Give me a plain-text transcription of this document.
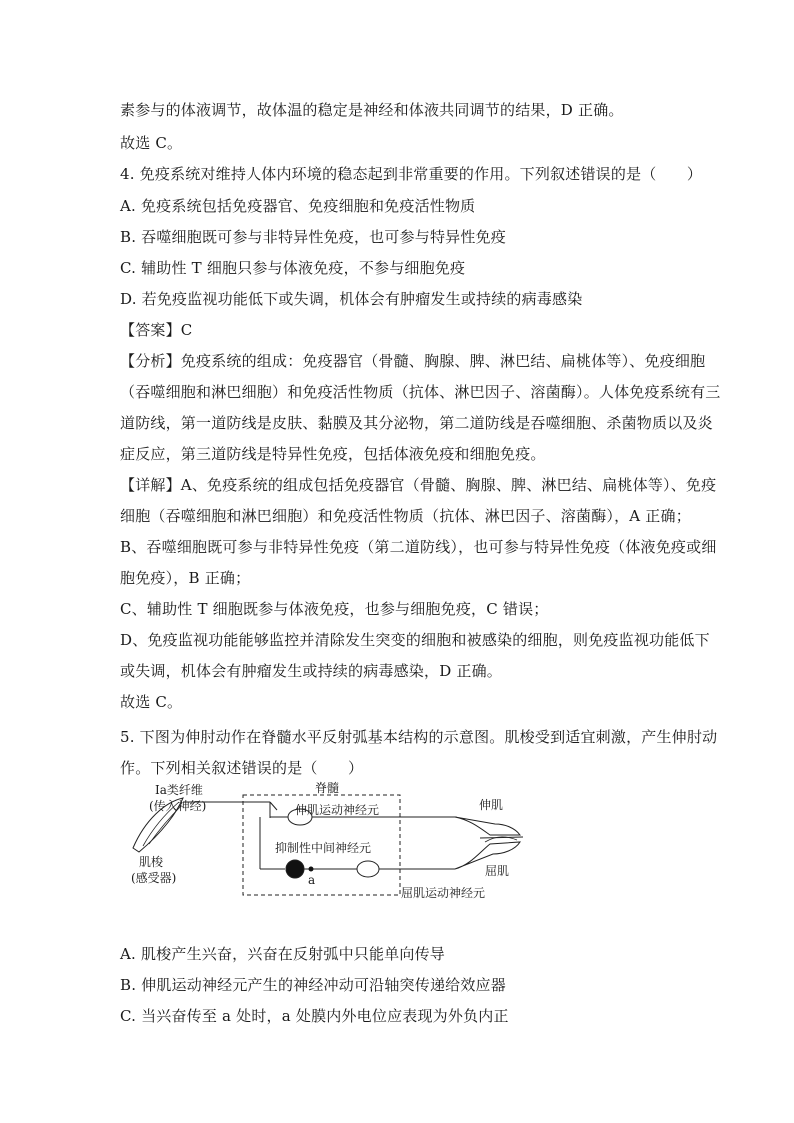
素参与的体液调节，故体温的稳定是神经和体液共同调节的结果，D 正确。
故选 C。
4. 免疫系统对维持人体内环境的稳态起到非常重要的作用。下列叙述错误的是（　　）
A. 免疫系统包括免疫器官、免疫细胞和免疫活性物质
B. 吞噬细胞既可参与非特异性免疫，也可参与特异性免疫
C. 辅助性 T 细胞只参与体液免疫，不参与细胞免疫
D. 若免疫监视功能低下或失调，机体会有肿瘤发生或持续的病毒感染
【答案】C
【分析】免疫系统的组成：免疫器官（骨髓、胸腺、脾、淋巴结、扁桃体等）、免疫细胞
（吞噬细胞和淋巴细胞）和免疫活性物质（抗体、淋巴因子、溶菌酶）。人体免疫系统有三
道防线，第一道防线是皮肤、黏膜及其分泌物，第二道防线是吞噬细胞、杀菌物质以及炎
症反应，第三道防线是特异性免疫，包括体液免疫和细胞免疫。
【详解】A、免疫系统的组成包括免疫器官（骨髓、胸腺、脾、淋巴结、扁桃体等）、免疫
细胞（吞噬细胞和淋巴细胞）和免疫活性物质（抗体、淋巴因子、溶菌酶），A 正确；
B、吞噬细胞既可参与非特异性免疫（第二道防线），也可参与特异性免疫（体液免疫或细
胞免疫），B 正确；
C、辅助性 T 细胞既参与体液免疫，也参与细胞免疫，C 错误；
D、免疫监视功能能够监控并清除发生突变的细胞和被感染的细胞，则免疫监视功能低下
或失调，机体会有肿瘤发生或持续的病毒感染，D 正确。
故选 C。
5. 下图为伸肘动作在脊髓水平反射弧基本结构的示意图。肌梭受到适宜刺激，产生伸肘动
作。下列相关叙述错误的是（　　）
Ia类纤维
(传入神经)
脊髓
伸肌运动神经元
抑制性中间神经元
a
肌梭
(感受器)
伸肌
屈肌
屈肌运动神经元
A. 肌梭产生兴奋，兴奋在反射弧中只能单向传导
B. 伸肌运动神经元产生的神经冲动可沿轴突传递给效应器
C. 当兴奋传至 a 处时，a 处膜内外电位应表现为外负内正
